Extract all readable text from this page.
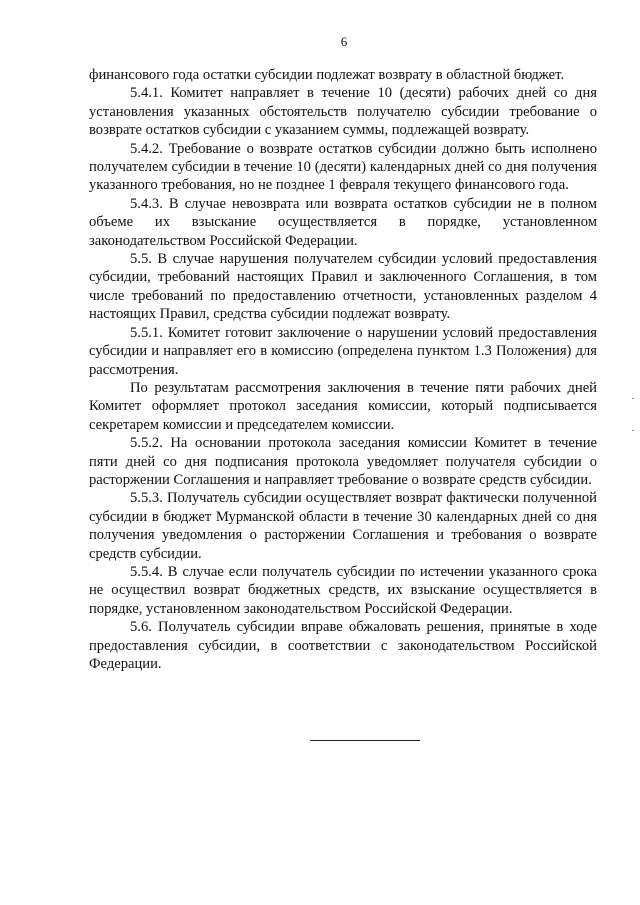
6

финансового года остатки субсидии подлежат возврату в областной бюджет.

5.4.1. Комитет направляет в течение 10 (десяти) рабочих дней со дня установления указанных обстоятельств получателю субсидии требование о возврате остатков субсидии с указанием суммы, подлежащей возврату.

5.4.2. Требование о возврате остатков субсидии должно быть исполнено получателем субсидии в течение 10 (десяти) календарных дней со дня получения указанного требования, но не позднее 1 февраля текущего финансового года.

5.4.3. В случае невозврата или возврата остатков субсидии не в полном объеме их взыскание осуществляется в порядке, установленном законодательством Российской Федерации.

5.5. В случае нарушения получателем субсидии условий предоставления субсидии, требований настоящих Правил и заключенного Соглашения, в том числе требований по предоставлению отчетности, установленных разделом 4 настоящих Правил, средства субсидии подлежат возврату.

5.5.1. Комитет готовит заключение о нарушении условий предоставления субсидии и направляет его в комиссию (определена пунктом 1.3 Положения) для рассмотрения.

По результатам рассмотрения заключения в течение пяти рабочих дней Комитет оформляет протокол заседания комиссии, который подписывается секретарем комиссии и председателем комиссии.

5.5.2. На основании протокола заседания комиссии Комитет в течение пяти дней со дня подписания протокола уведомляет получателя субсидии о расторжении Соглашения и направляет требование о возврате средств субсидии.

5.5.3. Получатель субсидии осуществляет возврат фактически полученной субсидии в бюджет Мурманской области в течение 30 календарных дней со дня получения уведомления о расторжении Соглашения и требования о возврате средств субсидии.

5.5.4. В случае если получатель субсидии по истечении указанного срока не осуществил возврат бюджетных средств, их взыскание осуществляется в порядке, установленном законодательством Российской Федерации.

5.6. Получатель субсидии вправе обжаловать решения, принятые в ходе предоставления субсидии, в соответствии с законодательством Российской Федерации.
